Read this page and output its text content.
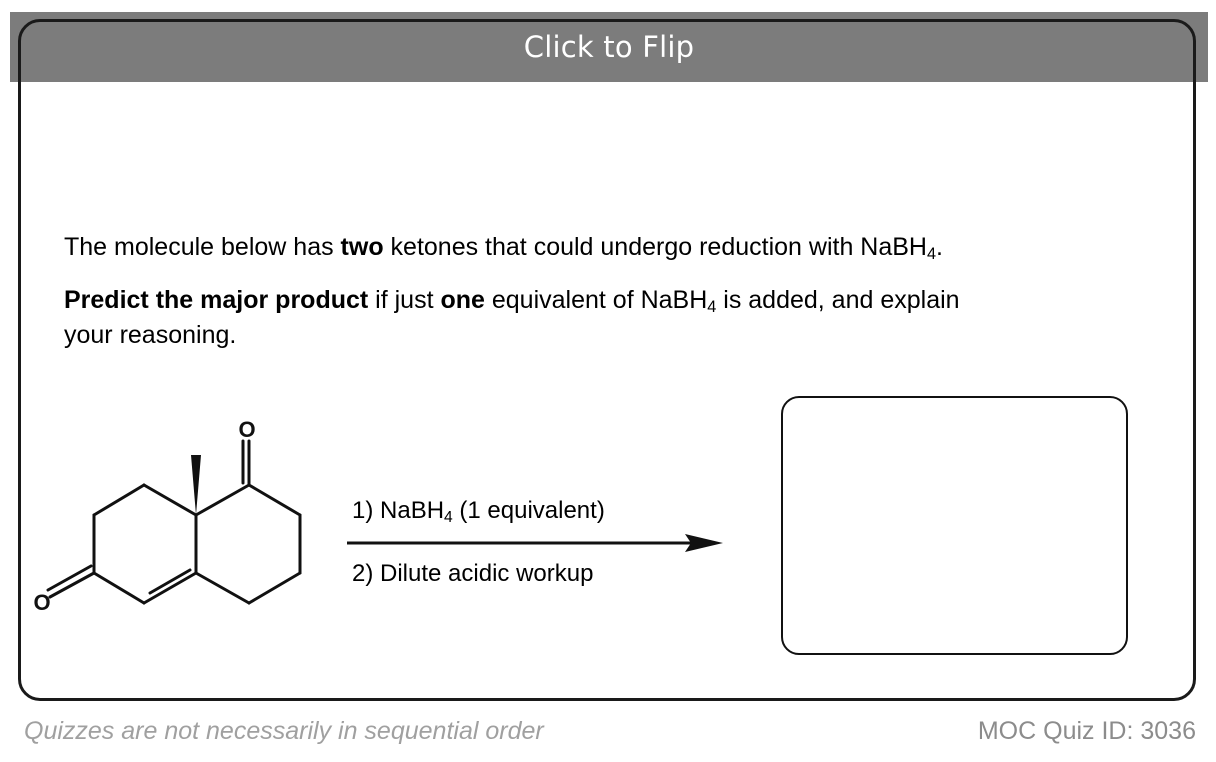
Click to Flip
The molecule below has two ketones that could undergo reduction with NaBH$_4$.
Predict the major product if just one equivalent of NaBH$_4$ is added, and explain
your reasoning.
O
O
1) NaBH$_4$ (1 equivalent)
2) Dilute acidic workup
Quizzes are not necessarily in sequential order	MOC Quiz ID: 3036
